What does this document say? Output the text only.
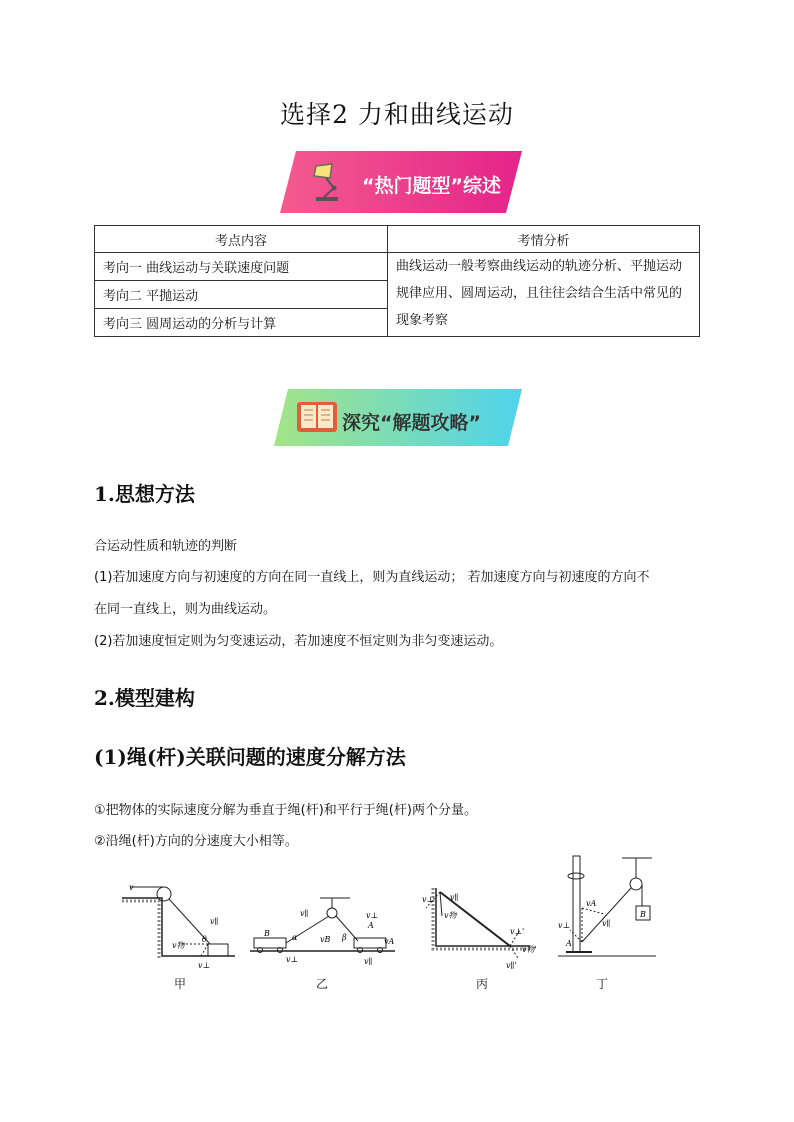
选择2 力和曲线运动
“热门题型”综述
考点内容	考情分析
考向一 曲线运动与关联速度问题	曲线运动一般考察曲线运动的轨迹分析、平抛运动规律应用、圆周运动，且往往会结合生活中常见的现象考察
考向二 平抛运动	
考向三 圆周运动的分析与计算	
深究“解题攻略”
1.思想方法
合运动性质和轨迹的判断
(1)若加速度方向与初速度的方向在同一直线上，则为直线运动； 若加速度方向与初速度的方向不
在同一直线上，则为曲线运动。
(2)若加速度恒定则为匀变速运动，若加速度不恒定则为非匀变速运动。
2.模型建构
(1)绳(杆)关联问题的速度分解方法
①把物体的实际速度分解为垂直于绳(杆)和平行于绳(杆)两个分量。
②沿绳(杆)方向的分速度大小相等。
v
v∥
v物
v⊥
θ
甲
B
A
α	β
v∥
v⊥
vB
v⊥
v∥
vA
乙
v⊥ v∥
v物
v⊥'
v∥'
v物'
丙
A
B
vA
v∥
v⊥
丁
